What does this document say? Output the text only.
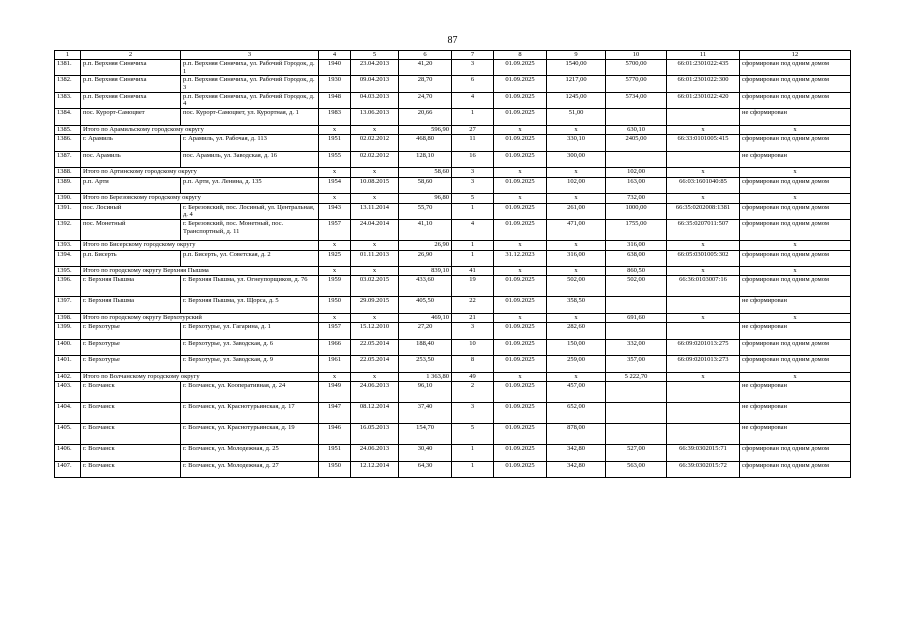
87
1	2	3	4	5	6	7	8	9	10	11	12
1381.	р.п. Верхняя Синячиха	р.п. Верхняя Синячиха, ул. Рабочий Городок, д. 1	1940	23.04.2013	41,20	3	01.09.2025	1540,00	5700,00	66:01:2301022:435	сформирован под одним домом
1382.	р.п. Верхняя Синячиха	р.п. Верхняя Синячиха, ул. Рабочий Городок, д. 3	1930	09.04.2013	28,70	6	01.09.2025	1217,00	5770,00	66:01:2301022:300	сформирован под одним домом
1383.	р.п. Верхняя Синячиха	р.п. Верхняя Синячиха, ул. Рабочий Городок, д. 4	1948	04.03.2013	24,70	4	01.09.2025	1245,00	5734,00	66:01:2301022:420	сформирован под одним домом
1384.	пос. Курорт-Самоцвет	пос. Курорт-Самоцвет, ул. Курортная, д. 1	1983	13.06.2013	20,66	1	01.09.2025	51,00			не сформирован
1385.	Итого по Арамильскому городскому округу		x	x	596,90	27	x	x	630,10	x	x
1386.	г. Арамиль	г. Арамиль, ул. Рабочая, д. 113	1951	02.02.2012	468,80	11	01.09.2025	330,10	2405,00	66:33:0101005:415	сформирован под одним домом
1387.	пос. Арамиль	пос. Арамиль, ул. Заводская, д. 16	1955	02.02.2012	128,10	16	01.09.2025	300,00			не сформирован
1388.	Итого по Артинскому городскому округу		x	x	58,60	3	x	x	102,00	x	x
1389.	р.п. Арти	р.п. Арти, ул. Ленина, д. 135	1954	10.08.2015	58,60	3	01.09.2025	102,00	163,00	66:03:1601040:85	сформирован под одним домом
1390.	Итого по Березовскому городскому округу		x	x	96,80	5	x	x	732,00	x	x
1391.	пос. Лосиный	г. Березовский, пос. Лосиный, ул. Центральная, д. 4	1943	13.11.2014	55,70	1	01.09.2025	261,00	1000,00	66:35:0202008:1381	сформирован под одним домом
1392.	пос. Монетный	г. Березовский, пос. Монетный, пос. Транспортный, д. 11	1957	24.04.2014	41,10	4	01.09.2025	471,00	1755,00	66:35:0207011:507	сформирован под одним домом
1393.	Итого по Бисерскому городскому округу		x	x	26,90	1	x	x	316,00	x	x
1394.	р.п. Бисерть	р.п. Бисерть, ул. Советская, д. 2	1925	01.11.2013	26,90	1	31.12.2023	316,00	638,00	66:05:0301005:302	сформирован под одним домом
1395.	Итого по городскому округу Верхняя Пышма		x	x	839,10	41	x	x	860,50	x	x
1396.	г. Верхняя Пышма	г. Верхняя Пышма, ул. Огнеупорщиков, д. 76	1959	03.02.2015	433,60	19	01.09.2025	502,00	502,00	66:36:0103007:16	сформирован под одним домом
1397.	г. Верхняя Пышма	г. Верхняя Пышма, ул. Щорса, д. 5	1950	29.09.2015	405,50	22	01.09.2025	358,50			не сформирован
1398.	Итого по городскому округу Верхотурский		x	x	469,10	21	x	x	691,60	x	x
1399.	г. Верхотурье	г. Верхотурье, ул. Гагарина, д. 1	1957	15.12.2010	27,20	3	01.09.2025	282,60			не сформирован
1400.	г. Верхотурье	г. Верхотурье, ул. Заводская, д. 6	1966	22.05.2014	188,40	10	01.09.2025	150,00	332,00	66:09:0201013:275	сформирован под одним домом
1401.	г. Верхотурье	г. Верхотурье, ул. Заводская, д. 9	1961	22.05.2014	253,50	8	01.09.2025	259,00	357,00	66:09:0201013:273	сформирован под одним домом
1402.	Итого по Волчанскому городскому округу		x	x	1 363,80	49	x	x	5 222,70	x	x
1403.	г. Волчанск	г. Волчанск, ул. Кооперативная, д. 24	1949	24.06.2013	96,10	2	01.09.2025	457,00			не сформирован
1404.	г. Волчанск	г. Волчанск, ул. Краснотурьинская, д. 17	1947	08.12.2014	37,40	3	01.09.2025	652,00			не сформирован
1405.	г. Волчанск	г. Волчанск, ул. Краснотурьинская, д. 19	1946	16.05.2013	154,70	5	01.09.2025	878,00			не сформирован
1406.	г. Волчанск	г. Волчанск, ул. Молодежная, д. 25	1951	24.06.2013	30,40	1	01.09.2025	342,80	527,00	66:39:0302015:71	сформирован под одним домом
1407.	г. Волчанск	г. Волчанск, ул. Молодежная, д. 27	1950	12.12.2014	64,30	1	01.09.2025	342,80	563,00	66:39:0302015:72	сформирован под одним домом
